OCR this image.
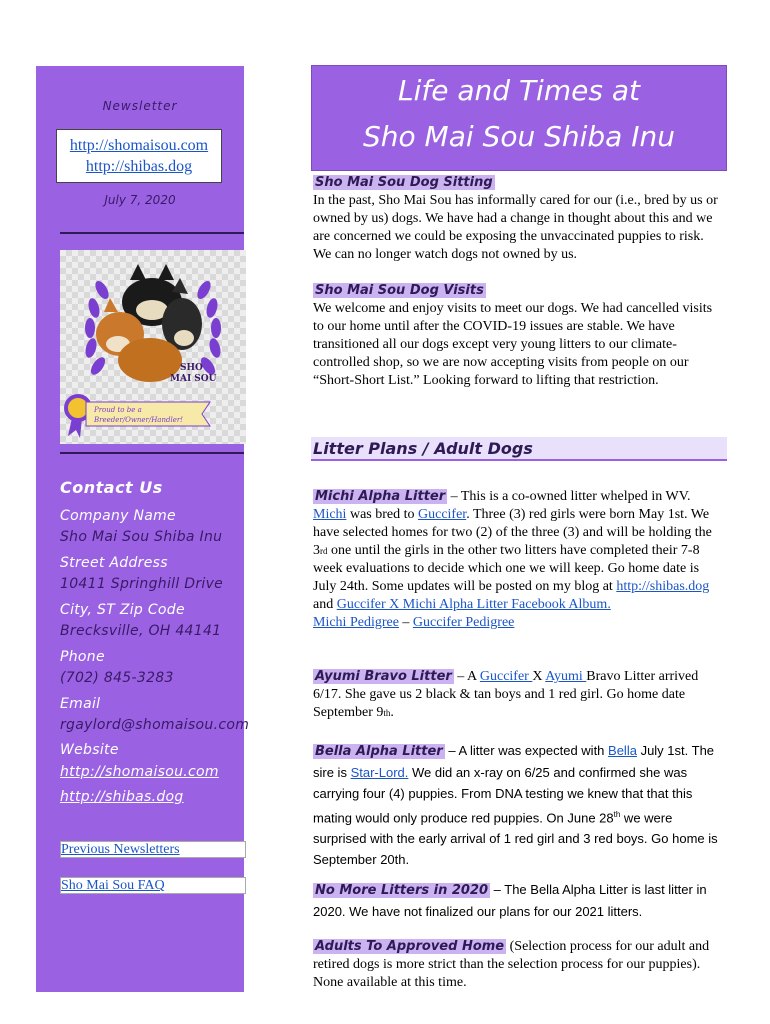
Newsletter
http://shomaisou.com
http://shibas.dog
July 7, 2020
SHO
MAI SOU
Proud to be a
Breeder/Owner/Handler!
Contact Us
Company Name
Sho Mai Sou Shiba Inu
Street Address
10411 Springhill Drive
City, ST Zip Code
Brecksville, OH 44141
Phone
(702) 845-3283
Email
rgaylord@shomaisou.com
Website
http://shomaisou.com
http://shibas.dog
Previous Newsletters
Sho Mai Sou FAQ
Life and Times at
Sho Mai Sou Shiba Inu
Sho Mai Sou Dog Sitting

In the past, Sho Mai Sou has informally cared for our (i.e., bred by us or owned by us) dogs. We have had a change in thought about this and we are concerned we could be exposing the unvaccinated puppies to risk. We can no longer watch dogs not owned by us.

Sho Mai Sou Dog Visits

We welcome and enjoy visits to meet our dogs. We had cancelled visits to our home until after the COVID-19 issues are stable. We have transitioned all our dogs except very young litters to our climate-controlled shop, so we are now accepting visits from people on our “Short-Short List.” Looking forward to lifting that restriction.

Litter Plans / Adult Dogs

Michi Alpha Litter – This is a co-owned litter whelped in WV. Michi was bred to Guccifer. Three (3) red girls were born May 1st. We have selected homes for two (2) of the three (3) and will be holding the 3rd one until the girls in the other two litters have completed their 7-8 week evaluations to decide which one we will keep. Go home date is July 24th. Some updates will be posted on my blog at http://shibas.dog and Guccifer X Michi Alpha Litter Facebook Album.
Michi Pedigree – Guccifer Pedigree

Ayumi Bravo Litter – A Guccifer X Ayumi Bravo Litter arrived 6/17. She gave us 2 black & tan boys and 1 red girl. Go home date September 9th.

Bella Alpha Litter – A litter was expected with Bella July 1st. The sire is Star-Lord. We did an x-ray on 6/25 and confirmed she was carrying four (4) puppies. From DNA testing we knew that that this mating would only produce red puppies. On June 28th we were surprised with the early arrival of 1 red girl and 3 red boys. Go home is September 20th.

No More Litters in 2020 – The Bella Alpha Litter is last litter in 2020. We have not finalized our plans for our 2021 litters.

Adults To Approved Home (Selection process for our adult and retired dogs is more strict than the selection process for our puppies). None available at this time.
